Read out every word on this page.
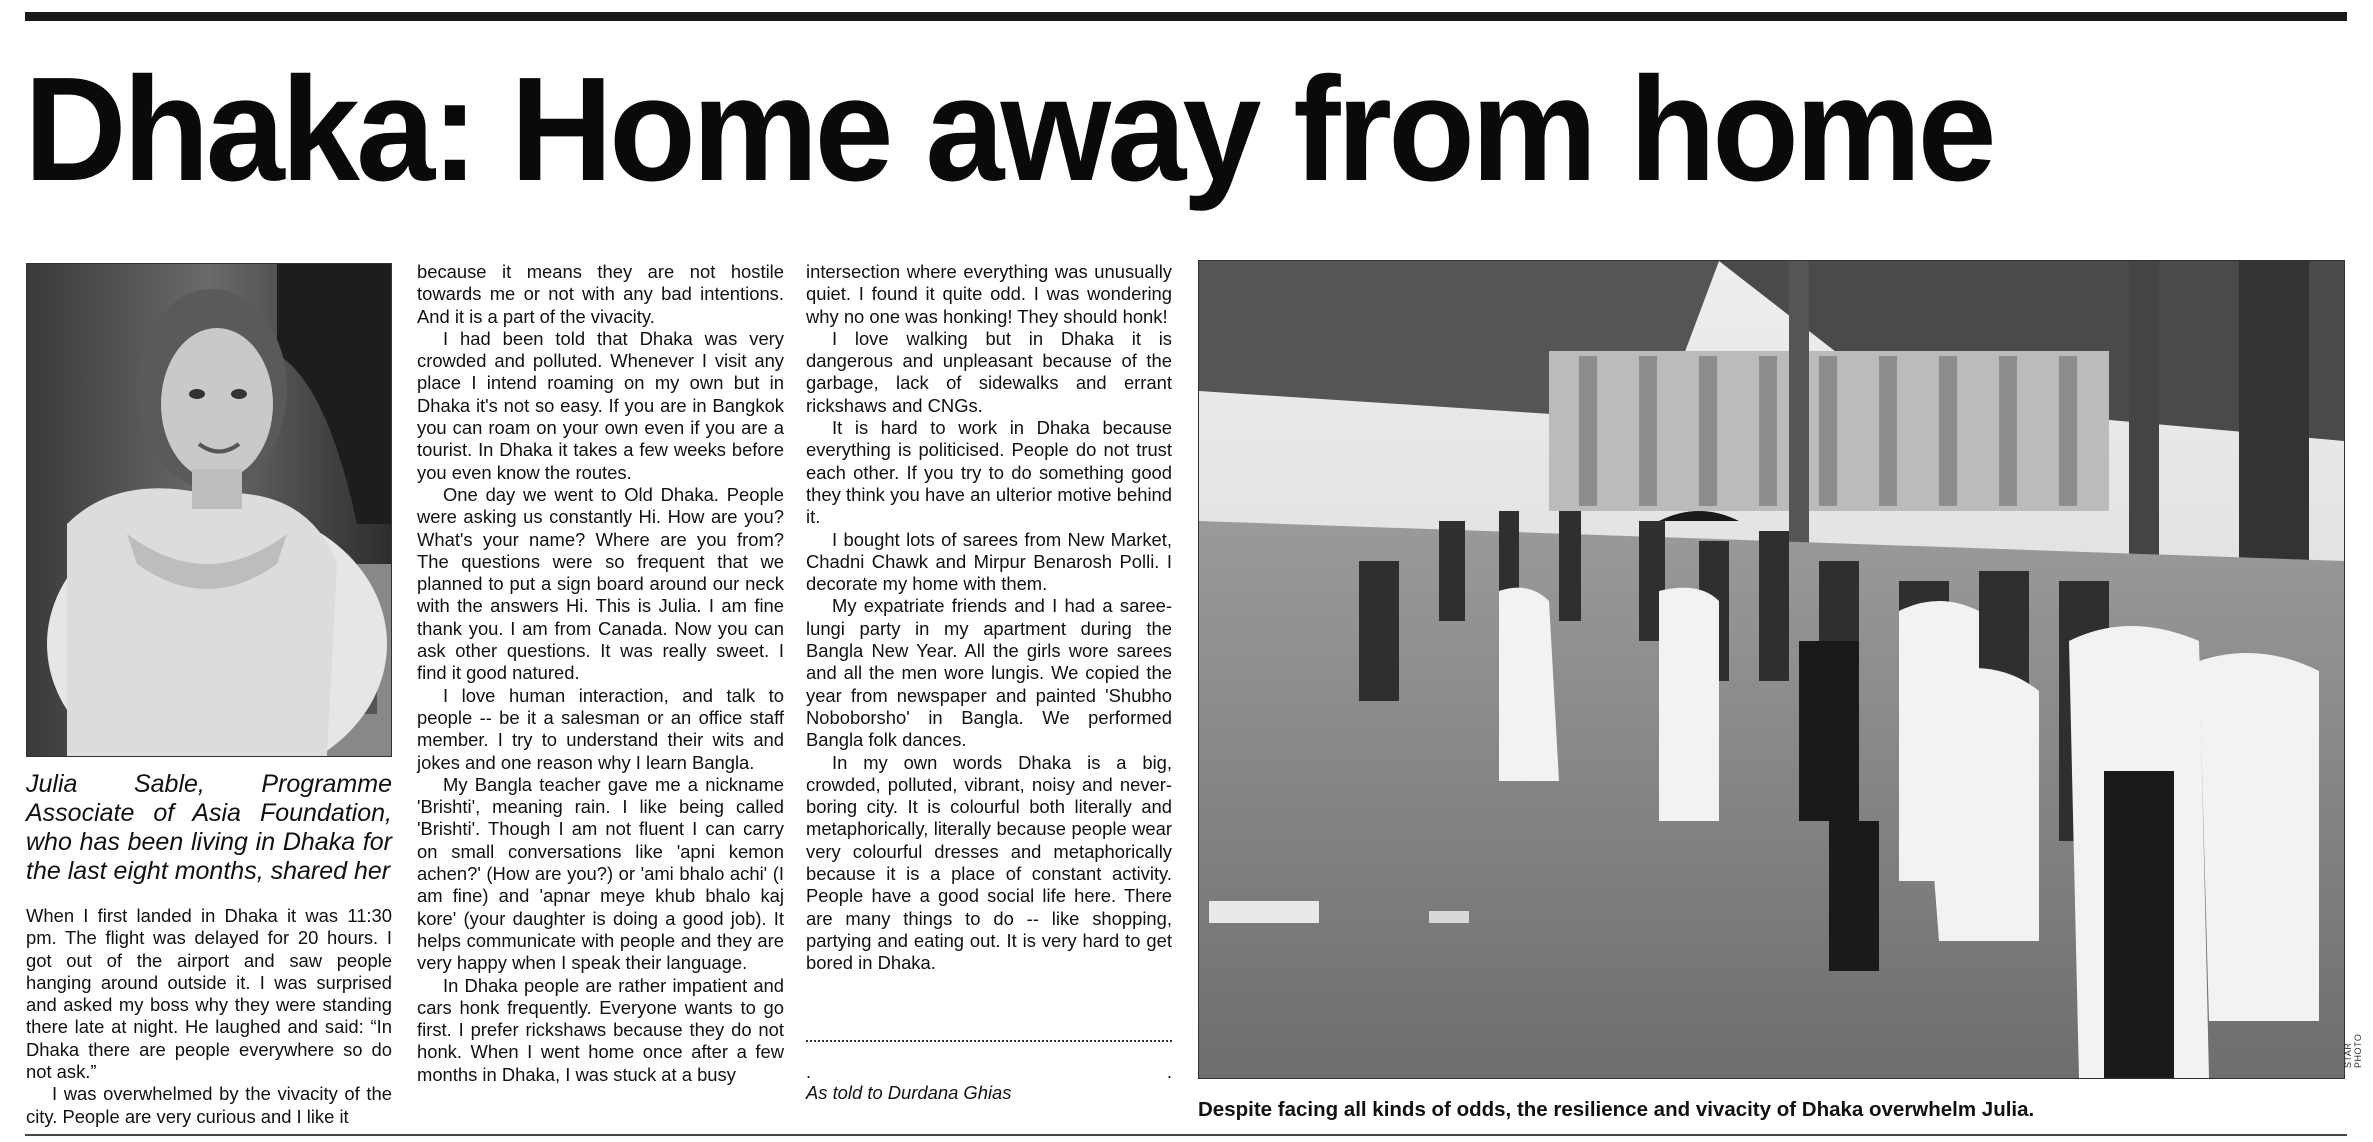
Dhaka: Home away from home
Julia Sable, Programme Associate of Asia Foundation, who has been living in Dhaka for the last eight months, shared her

When I first landed in Dhaka it was 11:30 pm. The flight was delayed for 20 hours. I got out of the airport and saw people hanging around outside it. I was surprised and asked my boss why they were standing there late at night. He laughed and said: “In Dhaka there are people everywhere so do not ask.”

I was overwhelmed by the vivacity of the city. People are very curious and I like it

because it means they are not hostile towards me or not with any bad intentions. And it is a part of the vivacity.

I had been told that Dhaka was very crowded and polluted. Whenever I visit any place I intend roaming on my own but in Dhaka it's not so easy. If you are in Bangkok you can roam on your own even if you are a tourist. In Dhaka it takes a few weeks before you even know the routes.

One day we went to Old Dhaka. People were asking us constantly Hi. How are you? What's your name? Where are you from? The questions were so frequent that we planned to put a sign board around our neck with the answers Hi. This is Julia. I am fine thank you. I am from Canada. Now you can ask other questions. It was really sweet. I find it good natured.

I love human interaction, and talk to people -- be it a salesman or an office staff member. I try to understand their wits and jokes and one reason why I learn Bangla.

My Bangla teacher gave me a nickname 'Brishti', meaning rain. I like being called 'Brishti'. Though I am not fluent I can carry on small conversations like 'apni kemon achen?' (How are you?) or 'ami bhalo achi' (I am fine) and 'apnar meye khub bhalo kaj kore' (your daughter is doing a good job). It helps communicate with people and they are very happy when I speak their language.

In Dhaka people are rather impatient and cars honk frequently. Everyone wants to go first. I prefer rickshaws because they do not honk. When I went home once after a few months in Dhaka, I was stuck at a busy

intersection where everything was unusually quiet. I found it quite odd. I was wondering why no one was honking! They should honk!

I love walking but in Dhaka it is dangerous and unpleasant because of the garbage, lack of sidewalks and errant rickshaws and CNGs.

It is hard to work in Dhaka because everything is politicised. People do not trust each other. If you try to do something good they think you have an ulterior motive behind it.

I bought lots of sarees from New Market, Chadni Chawk and Mirpur Benarosh Polli. I decorate my home with them.

My expatriate friends and I had a saree-lungi party in my apartment during the Bangla New Year. All the girls wore sarees and all the men wore lungis. We copied the year from newspaper and painted 'Shubho Noboborsho' in Bangla. We performed Bangla folk dances.

In my own words Dhaka is a big, crowded, polluted, vibrant, noisy and never-boring city. It is colourful both literally and metaphorically, literally because people wear very colourful dresses and metaphorically because it is a place of constant activity. People have a good social life here. There are many things to do -- like shopping, partying and eating out. It is very hard to get bored in Dhaka.

.	.

As told to Durdana Ghias

Despite facing all kinds of odds, the resilience and vivacity of Dhaka overwhelm Julia.
STAR PHOTO
